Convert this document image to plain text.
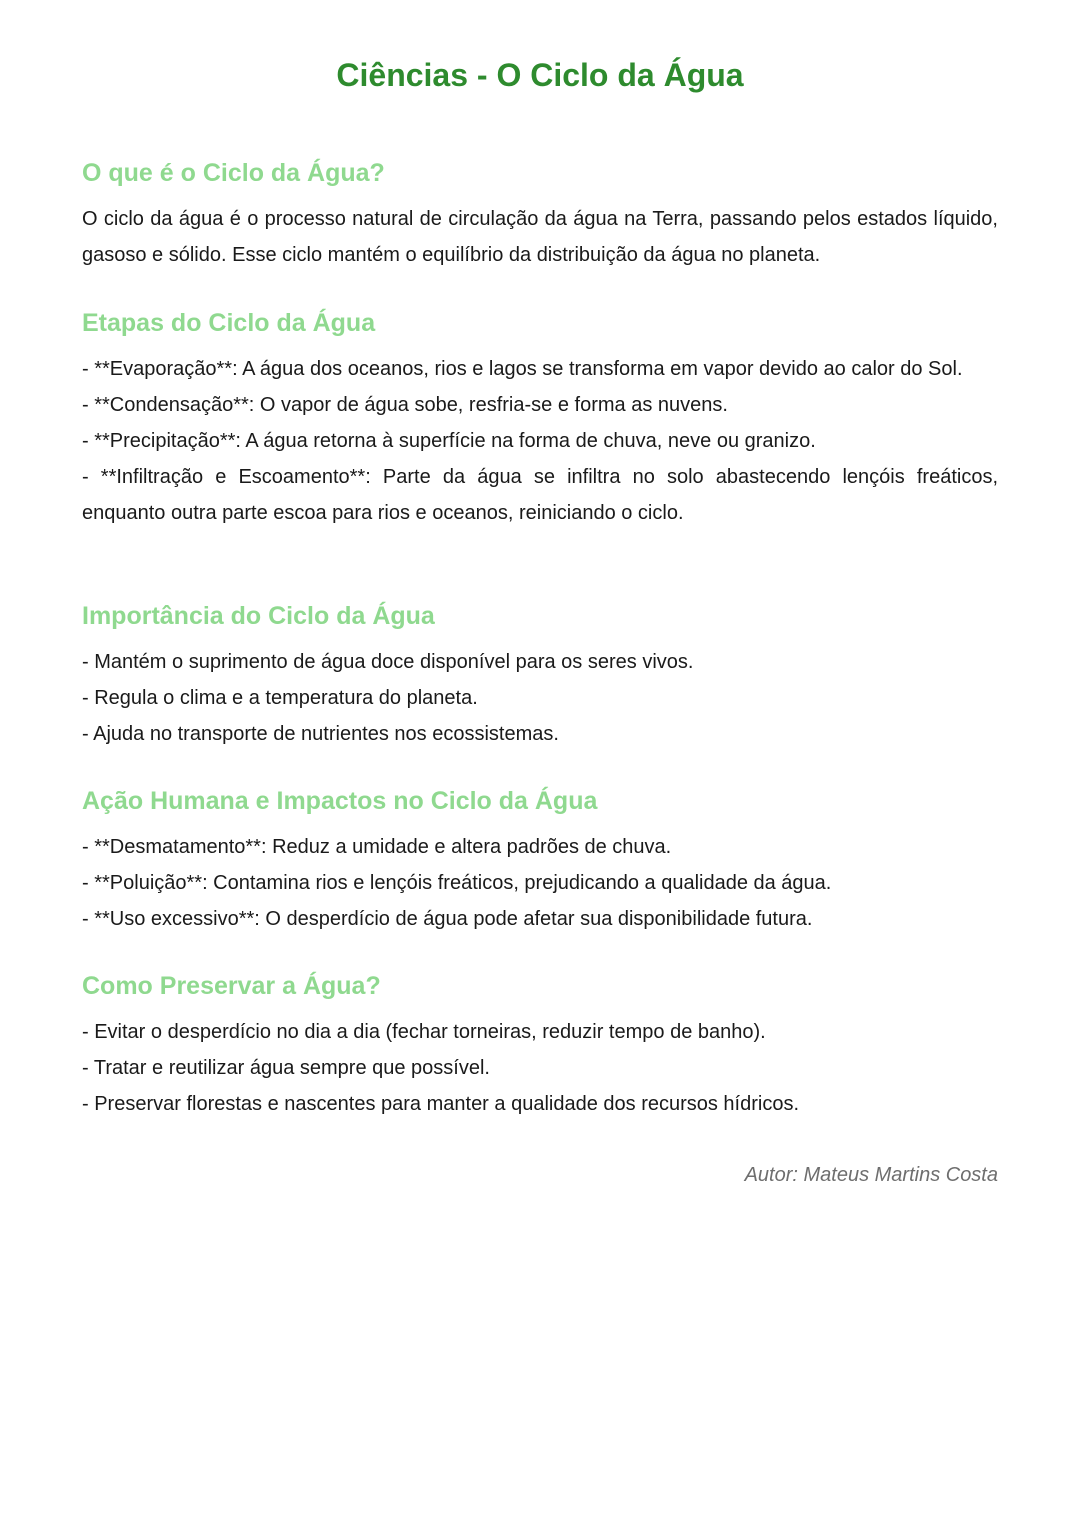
Ciências - O Ciclo da Água
O que é o Ciclo da Água?

O ciclo da água é o processo natural de circulação da água na Terra, passando pelos estados líquido, gasoso e sólido. Esse ciclo mantém o equilíbrio da distribuição da água no planeta.

Etapas do Ciclo da Água

- **Evaporação**: A água dos oceanos, rios e lagos se transforma em vapor devido ao calor do Sol.

- **Condensação**: O vapor de água sobe, resfria-se e forma as nuvens.

- **Precipitação**: A água retorna à superfície na forma de chuva, neve ou granizo.

- **Infiltração e Escoamento**: Parte da água se infiltra no solo abastecendo lençóis freáticos, enquanto outra parte escoa para rios e oceanos, reiniciando o ciclo.

Importância do Ciclo da Água

- Mantém o suprimento de água doce disponível para os seres vivos.

- Regula o clima e a temperatura do planeta.

- Ajuda no transporte de nutrientes nos ecossistemas.

Ação Humana e Impactos no Ciclo da Água

- **Desmatamento**: Reduz a umidade e altera padrões de chuva.

- **Poluição**: Contamina rios e lençóis freáticos, prejudicando a qualidade da água.

- **Uso excessivo**: O desperdício de água pode afetar sua disponibilidade futura.

Como Preservar a Água?

- Evitar o desperdício no dia a dia (fechar torneiras, reduzir tempo de banho).

- Tratar e reutilizar água sempre que possível.

- Preservar florestas e nascentes para manter a qualidade dos recursos hídricos.

Autor: Mateus Martins Costa
